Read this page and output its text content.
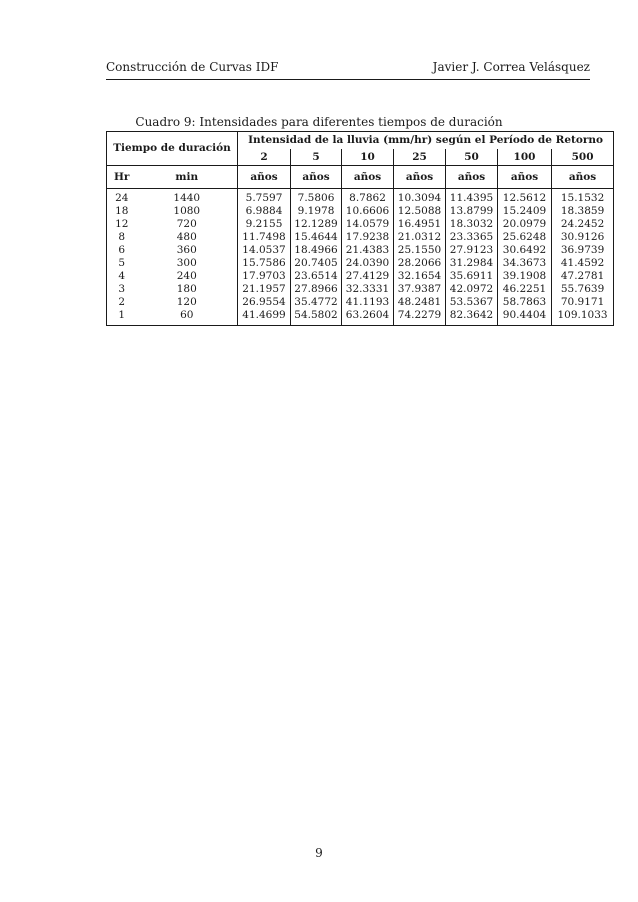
Construcción de Curvas IDF	Javier J. Correa Velásquez
Cuadro 9: Intensidades para diferentes tiempos de duración
Tiempo de duración		Intensidad de la lluvia (mm/hr) según el Período de Retorno						
		2	5	10	25	50	100	500
Hr	min	años	años	años	años	años	años	años
24	1440	5.7597	7.5806	8.7862	10.3094	11.4395	12.5612	15.1532
18	1080	6.9884	9.1978	10.6606	12.5088	13.8799	15.2409	18.3859
12	720	9.2155	12.1289	14.0579	16.4951	18.3032	20.0979	24.2452
8	480	11.7498	15.4644	17.9238	21.0312	23.3365	25.6248	30.9126
6	360	14.0537	18.4966	21.4383	25.1550	27.9123	30.6492	36.9739
5	300	15.7586	20.7405	24.0390	28.2066	31.2984	34.3673	41.4592
4	240	17.9703	23.6514	27.4129	32.1654	35.6911	39.1908	47.2781
3	180	21.1957	27.8966	32.3331	37.9387	42.0972	46.2251	55.7639
2	120	26.9554	35.4772	41.1193	48.2481	53.5367	58.7863	70.9171
1	60	41.4699	54.5802	63.2604	74.2279	82.3642	90.4404	109.1033
9
